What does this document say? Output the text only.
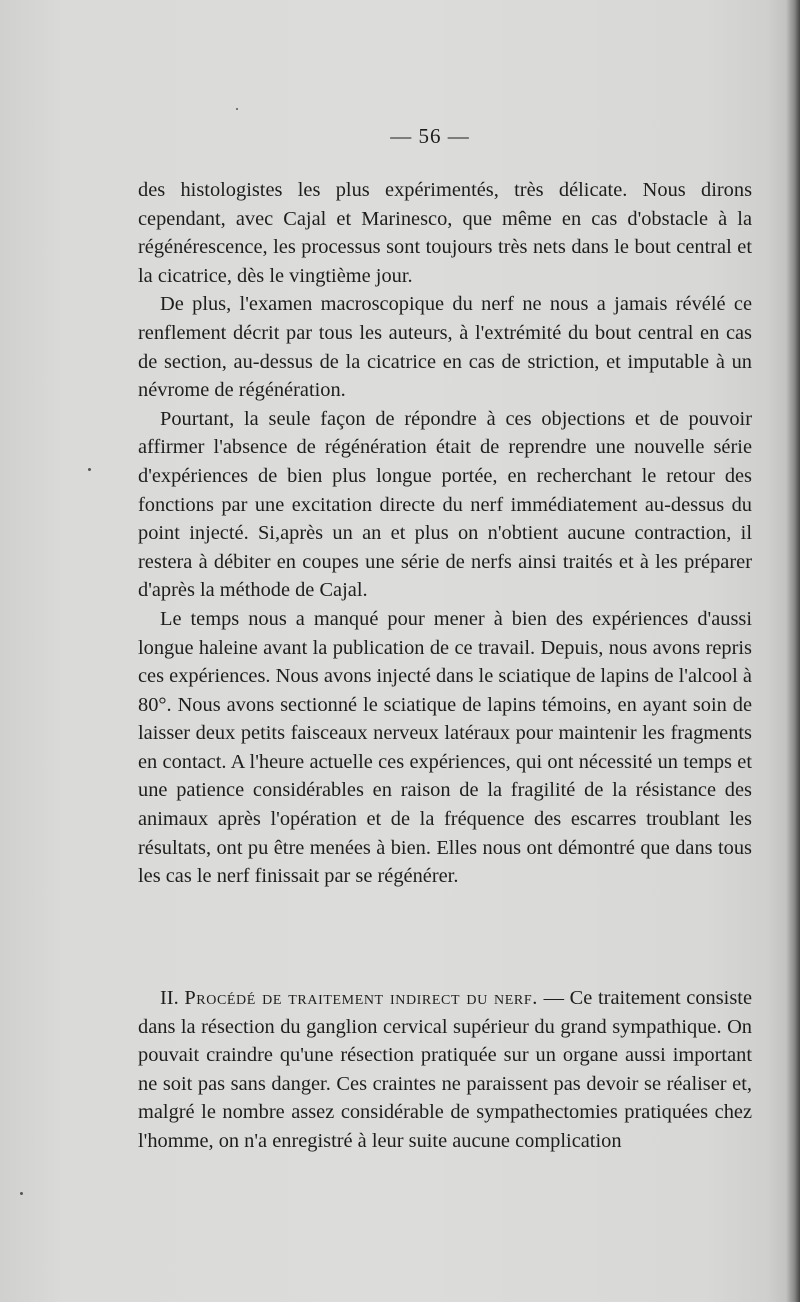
— 56 —

des histologistes les plus expérimentés, très délicate. Nous dirons cependant, avec Cajal et Marinesco, que même en cas d'obstacle à la régénérescence, les processus sont toujours très nets dans le bout central et la cicatrice, dès le vingtième jour.

De plus, l'examen macroscopique du nerf ne nous a jamais révélé ce renflement décrit par tous les auteurs, à l'extrémité du bout central en cas de section, au-dessus de la cicatrice en cas de striction, et imputable à un névrome de régénération.

Pourtant, la seule façon de répondre à ces objections et de pouvoir affirmer l'absence de régénération était de reprendre une nouvelle série d'expériences de bien plus longue portée, en recherchant le retour des fonctions par une excitation directe du nerf immédiatement au-dessus du point injecté. Si,après un an et plus on n'obtient aucune contraction, il restera à débiter en coupes une série de nerfs ainsi traités et à les préparer d'après la méthode de Cajal.

Le temps nous a manqué pour mener à bien des expériences d'aussi longue haleine avant la publication de ce travail. Depuis, nous avons repris ces expériences. Nous avons injecté dans le sciatique de lapins de l'alcool à 80°. Nous avons sectionné le sciatique de lapins témoins, en ayant soin de laisser deux petits faisceaux nerveux latéraux pour maintenir les fragments en contact. A l'heure actuelle ces expériences, qui ont nécessité un temps et une patience considérables en raison de la fragilité de la résistance des animaux après l'opération et de la fréquence des escarres troublant les résultats, ont pu être menées à bien. Elles nous ont démontré que dans tous les cas le nerf finissait par se régénérer.

II. Procédé de traitement indirect du nerf. — Ce traitement consiste dans la résection du ganglion cervical supérieur du grand sympathique. On pouvait craindre qu'une résection pratiquée sur un organe aussi important ne soit pas sans danger. Ces craintes ne paraissent pas devoir se réaliser et, malgré le nombre assez considérable de sympathectomies pratiquées chez l'homme, on n'a enregistré à leur suite aucune complication
